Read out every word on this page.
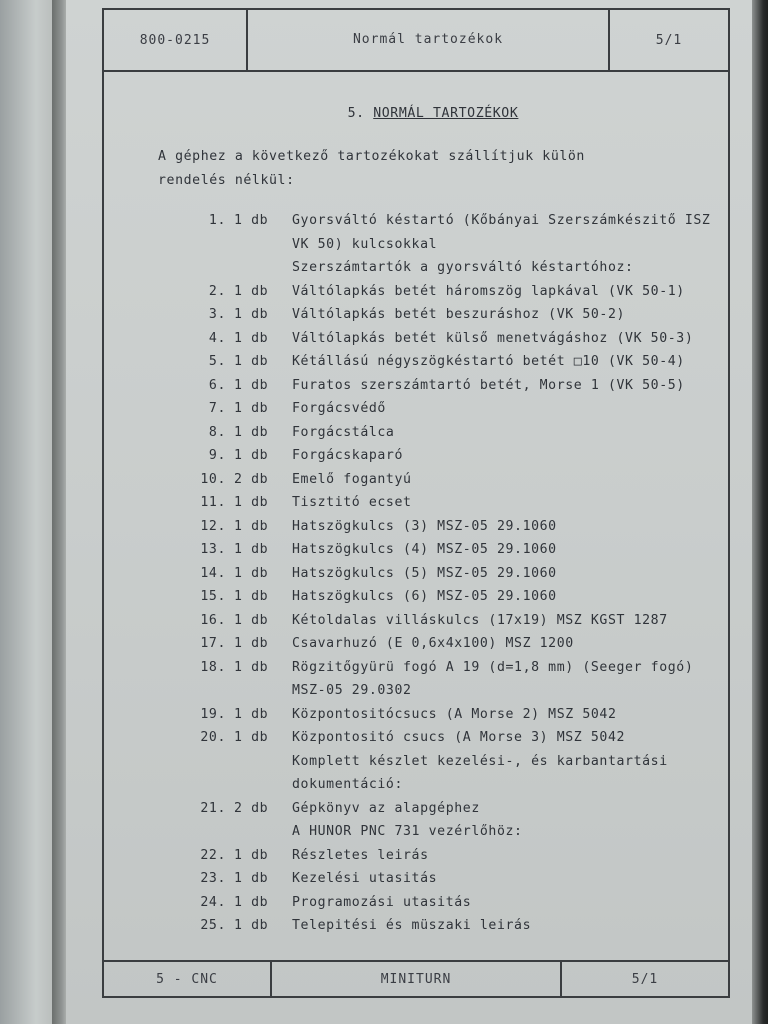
800-0215	Normál tartozékok	5/1
5. NORMÁL TARTOZÉKOK
A géphez a következő tartozékokat szállítjuk külön
rendelés nélkül:
1. 1 db	Gyorsváltó késtartó (Kőbányai Szerszámkészitő ISZ
VK 50) kulcsokkal
Szerszámtartók a gyorsváltó késtartóhoz:
2. 1 db	Váltólapkás betét háromszög lapkával (VK 50-1)
3. 1 db	Váltólapkás betét beszuráshoz (VK 50-2)
4. 1 db	Váltólapkás betét külső menetvágáshoz (VK 50-3)
5. 1 db	Kétállású négyszögkéstartó betét □10 (VK 50-4)
6. 1 db	Furatos szerszámtartó betét, Morse 1 (VK 50-5)
7. 1 db	Forgácsvédő
8. 1 db	Forgácstálca
9. 1 db	Forgácskaparó
10. 2 db	Emelő fogantyú
11. 1 db	Tisztitó ecset
12. 1 db	Hatszögkulcs (3) MSZ-05 29.1060
13. 1 db	Hatszögkulcs (4) MSZ-05 29.1060
14. 1 db	Hatszögkulcs (5) MSZ-05 29.1060
15. 1 db	Hatszögkulcs (6) MSZ-05 29.1060
16. 1 db	Kétoldalas villáskulcs (17x19) MSZ KGST 1287
17. 1 db	Csavarhuzó (E 0,6x4x100) MSZ 1200
18. 1 db	Rögzitőgyürü fogó A 19 (d=1,8 mm) (Seeger fogó)
MSZ-05 29.0302
19. 1 db	Központositócsucs (A Morse 2) MSZ 5042
20. 1 db	Központositó csucs (A Morse 3) MSZ 5042
Komplett készlet kezelési-, és karbantartási
dokumentáció:
21. 2 db	Gépkönyv az alapgéphez
A HUNOR PNC 731 vezérlőhöz:
22. 1 db	Részletes leirás
23. 1 db	Kezelési utasitás
24. 1 db	Programozási utasitás
25. 1 db	Telepitési és müszaki leirás
5 - CNC	MINITURN	5/1
